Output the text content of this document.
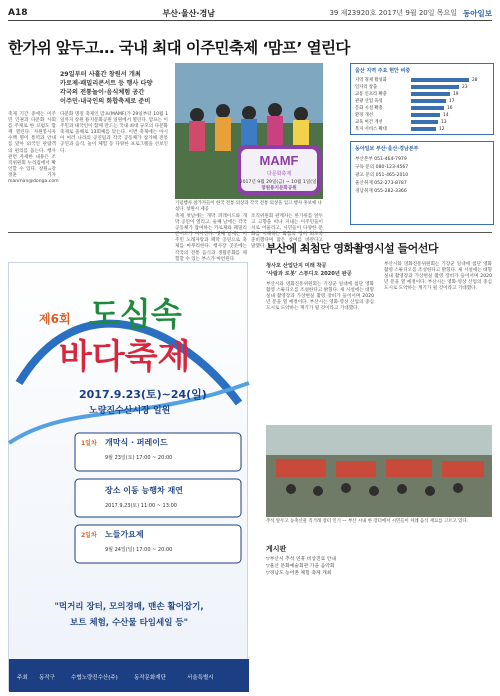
A18	부산·울산·경남	39 제23920호 2017년 9월 20일 목요일 동아일보
한가위 앞두고… 국내 최대 이주민축제 ‘맘프’ 열린다
29일부터 사흘간 창원서 개최
카로제·패밀리콘서트 등 행사 다양
각국의 전통놀이·음식체험 공간
이주민·내국인의 화합축제로 준비
다문화 명절 축제인 맘프(MAMF)가 29일부터 10월 1일까지 창원 용지문화공원 일원에서 열린다. 맘프는 이주민과 내국인이 함께 만드는 국내 최대 규모의 다문화 축제로 올해로 13회째를 맞는다. 이번 축제에는 아시아 여러 나라의 공연팀과 각국 공동체가 참가해 전통 공연과 음식, 놀이 체험 등 다양한 프로그램을 선보인다.
MAMF
다문화축제
2017년 9월 29일(금) ~ 10월 1일(일)
창원용지문화공원
기념행사 참가자들이 한국 전통 의상과 각국 전통 의상을 입고 행사 홍보에 나섰다. 창원시 제공
축제 첫날에는 개막 퍼레이드와 개막 공연이 열리고, 둘째 날에는 각국 공동체가 참여하는 카로제와 패밀리 콘서트가 이어진다. 셋째 날에는 이주민 노래자랑과 폐막 공연으로 축제를 마무리한다. 행사장 곳곳에는 각국의 전통 음식과 생활문화를 체험할 수 있는 부스가 마련된다.
조직위원회 관계자는 한가위를 앞두고 고향을 떠나 지내는 이주민들이 서로 어울리고, 시민들이 다양한 문화를 이해하는 화합의 장이 되도록 준비했다며 많은 참여를 바란다고 말했다.
축제 기간 중에는 이주민 인권과 다문화 사회를 주제로 한 포럼도 함께 열린다. 자원봉사자 수백 명이 통역과 안내를 맡아 외국인 관람객의 편의를 돕는다. 행사 관련 자세한 내용은 조직위원회 누리집에서 확인할 수 있다. 창원=강정훈 기자 manman@donga.com
울산 지역 주요 현안 비중
지역 경제 활성화	28
일자리 창출	23
교통 인프라 확충	19
관광 산업 육성	17
문화 시설 확충	16
환경 개선	14
교육 여건 개선	13
복지 서비스 확대	12
동아일보 부산·울산·경남본부
부산본부 051-464-7979
구독 문의 080-123-4567
광고 문의 051-465-2010
울산취재 052-273-8787
경남취재 055-282-3366
부산에 최첨단 영화촬영시설 들어선다
청사포 산업단지 미래 착공
‘사람과 로봇’ 스튜디오 2020년 완공
부산시와 영화진흥위원회는 기장군 일대에 첨단 영화촬영 스튜디오를 조성한다고 밝혔다. 새 시설에는 대형 실내 촬영장과 가상현실 촬영 장비가 들어서며 2020년 문을 열 예정이다. 부산시는 영화·영상 산업의 중심 도시로 도약하는 계기가 될 것이라고 기대했다.
부산시와 영화진흥위원회는 기장군 일대에 첨단 영화촬영 스튜디오를 조성한다고 밝혔다. 새 시설에는 대형 실내 촬영장과 가상현실 촬영 장비가 들어서며 2020년 문을 열 예정이다. 부산시는 영화·영상 산업의 중심 도시로 도약하는 계기가 될 것이라고 기대했다.
추석 앞두고 농축산물 직거래 장터 인기 — 부산 시내 한 장터에서 시민들이 차례 음식 재료를 고르고 있다.
게시판
▽부산시 추석 연휴 비상진료 안내
▽울산 문화예술회관 가을 음악회
▽경남도 농어촌 체험 축제 개최
제6회 도심속
바다축제
2017.9.23(토)~24(일)
노량진수산시장 일원
1일차 개막식 · 퍼레이드
9월 23일(토) 17:00 ~ 20:00
장소 이동 능행차 재연
2017.9.23(토) 11:00 ~ 13:00
2일차 노들가요제
9월 24일(일) 17:00 ~ 20:00
"먹거리 장터, 모의경매, 맨손 활어잡기,
보트 체험, 수산물 타임세일 등"
주최 동작구	수협노량진수산(주)	동작문화재단	서울특별시
